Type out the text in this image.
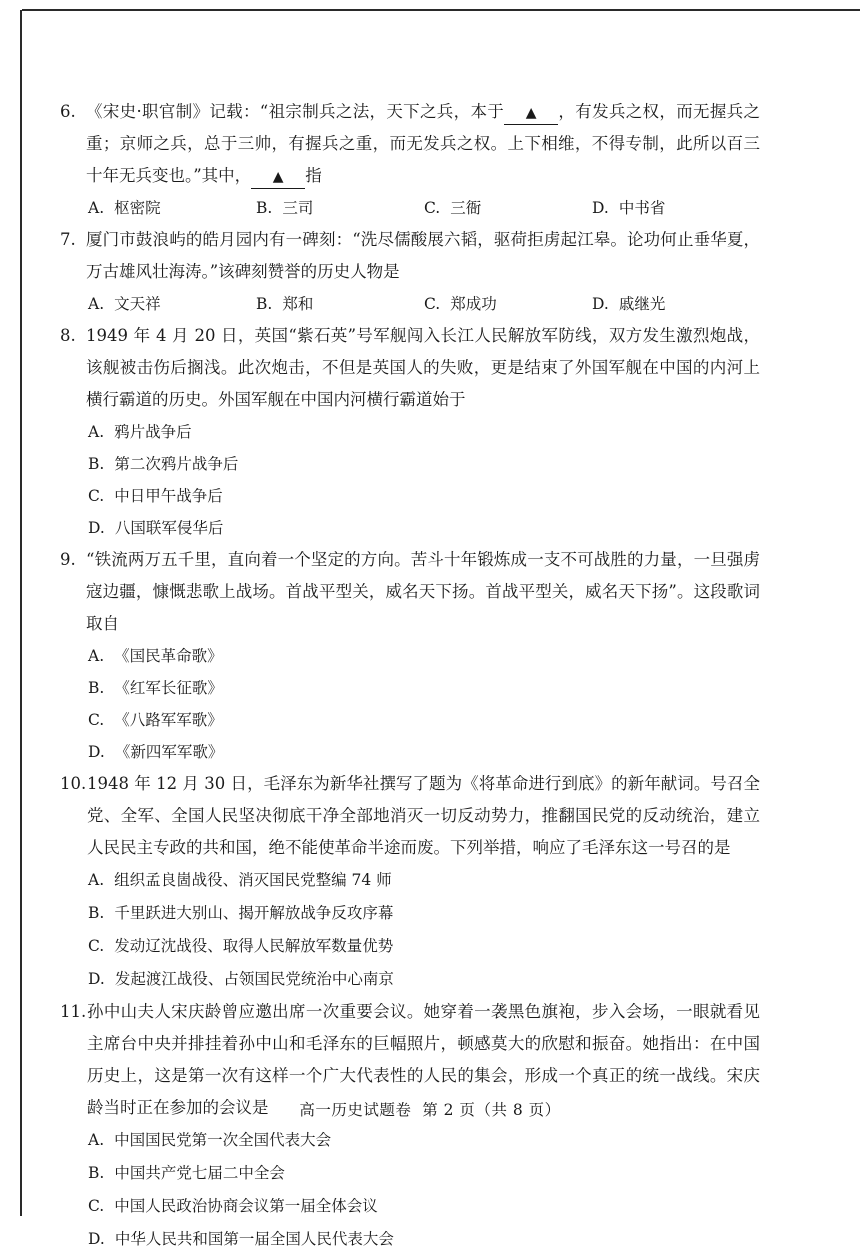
6. 《宋史·职官制》记载：“祖宗制兵之法，天下之兵，本于 ▲ ，有发兵之权，而无握兵之重；京师之兵，总于三帅，有握兵之重，而无发兵之权。上下相维，不得专制，此所以百三十年无兵变也。”其中， ▲ 指
A. 枢密院	B. 三司	C. 三衙	D. 中书省
7. 厦门市鼓浪屿的皓月园内有一碑刻：“洗尽儒酸展六韬，驱荷拒虏起江皋。论功何止垂华夏，万古雄风壮海涛。”该碑刻赞誉的历史人物是
A. 文天祥	B. 郑和	C. 郑成功	D. 戚继光
8. 1949 年 4 月 20 日，英国“紫石英”号军舰闯入长江人民解放军防线，双方发生激烈炮战，该舰被击伤后搁浅。此次炮击，不但是英国人的失败，更是结束了外国军舰在中国的内河上横行霸道的历史。外国军舰在中国内河横行霸道始于
A. 鸦片战争后
B. 第二次鸦片战争后
C. 中日甲午战争后
D. 八国联军侵华后
9. “铁流两万五千里，直向着一个坚定的方向。苦斗十年锻炼成一支不可战胜的力量，一旦强虏寇边疆，慷慨悲歌上战场。首战平型关，威名天下扬。首战平型关，威名天下扬”。这段歌词取自
A. 《国民革命歌》
B. 《红军长征歌》
C. 《八路军军歌》
D. 《新四军军歌》
10. 1948 年 12 月 30 日，毛泽东为新华社撰写了题为《将革命进行到底》的新年献词。号召全党、全军、全国人民坚决彻底干净全部地消灭一切反动势力，推翻国民党的反动统治，建立人民民主专政的共和国，绝不能使革命半途而废。下列举措，响应了毛泽东这一号召的是
A. 组织孟良崮战役、消灭国民党整编 74 师
B. 千里跃进大别山、揭开解放战争反攻序幕
C. 发动辽沈战役、取得人民解放军数量优势
D. 发起渡江战役、占领国民党统治中心南京
11. 孙中山夫人宋庆龄曾应邀出席一次重要会议。她穿着一袭黑色旗袍，步入会场，一眼就看见主席台中央并排挂着孙中山和毛泽东的巨幅照片，顿感莫大的欣慰和振奋。她指出：在中国历史上，这是第一次有这样一个广大代表性的人民的集会，形成一个真正的统一战线。宋庆龄当时正在参加的会议是
A. 中国国民党第一次全国代表大会
B. 中国共产党七届二中全会
C. 中国人民政治协商会议第一届全体会议
D. 中华人民共和国第一届全国人民代表大会
高一历史试题卷 第 2 页（共 8 页）
